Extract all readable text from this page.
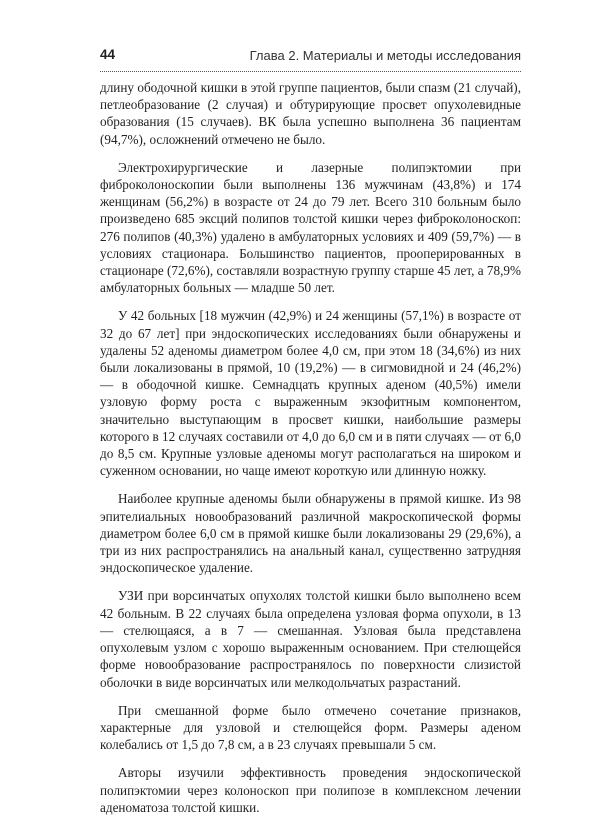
44	Глава 2. Материалы и методы исследования

длину ободочной кишки в этой группе пациентов, были спазм (21 случай), петлеобразование (2 случая) и обтурирующие просвет опухолевидные образования (15 случаев). ВК была успешно выполнена 36 пациентам (94,7%), осложнений отмечено не было.

Электрохирургические и лазерные полипэктомии при фиброколоноскопии были выполнены 136 мужчинам (43,8%) и 174 женщинам (56,2%) в возрасте от 24 до 79 лет. Всего 310 больным было произведено 685 эксций полипов толстой кишки через фиброколоноскоп: 276 полипов (40,3%) удалено в амбулаторных условиях и 409 (59,7%) — в условиях стационара. Большинство пациентов, прооперированных в стационаре (72,6%), составляли возрастную группу старше 45 лет, а 78,9% амбулаторных больных — младше 50 лет.

У 42 больных [18 мужчин (42,9%) и 24 женщины (57,1%) в возрасте от 32 до 67 лет] при эндоскопических исследованиях были обнаружены и удалены 52 аденомы диаметром более 4,0 см, при этом 18 (34,6%) из них были локализованы в прямой, 10 (19,2%) — в сигмовидной и 24 (46,2%) — в ободочной кишке. Семнадцать крупных аденом (40,5%) имели узловую форму роста с выраженным экзофитным компонентом, значительно выступающим в просвет кишки, наибольшие размеры которого в 12 случаях составили от 4,0 до 6,0 см и в пяти случаях — от 6,0 до 8,5 см. Крупные узловые аденомы могут располагаться на широком и суженном основании, но чаще имеют короткую или длинную ножку.

Наиболее крупные аденомы были обнаружены в прямой кишке. Из 98 эпителиальных новообразований различной макроскопической формы диаметром более 6,0 см в прямой кишке были локализованы 29 (29,6%), а три из них распространялись на анальный канал, существенно затрудняя эндоскопическое удаление.

УЗИ при ворсинчатых опухолях толстой кишки было выполнено всем 42 больным. В 22 случаях была определена узловая форма опухоли, в 13 — стелющаяся, а в 7 — смешанная. Узловая была представлена опухолевым узлом с хорошо выраженным основанием. При стелющейся форме новообразование распространялось по поверхности слизистой оболочки в виде ворсинчатых или мелкодольчатых разрастаний.

При смешанной форме было отмечено сочетание признаков, характерные для узловой и стелющейся форм. Размеры аденом колебались от 1,5 до 7,8 см, а в 23 случаях превышали 5 см.

Авторы изучили эффективность проведения эндоскопической полипэктомии через колоноскоп при полипозе в комплексном лечении аденоматоза толстой кишки.
